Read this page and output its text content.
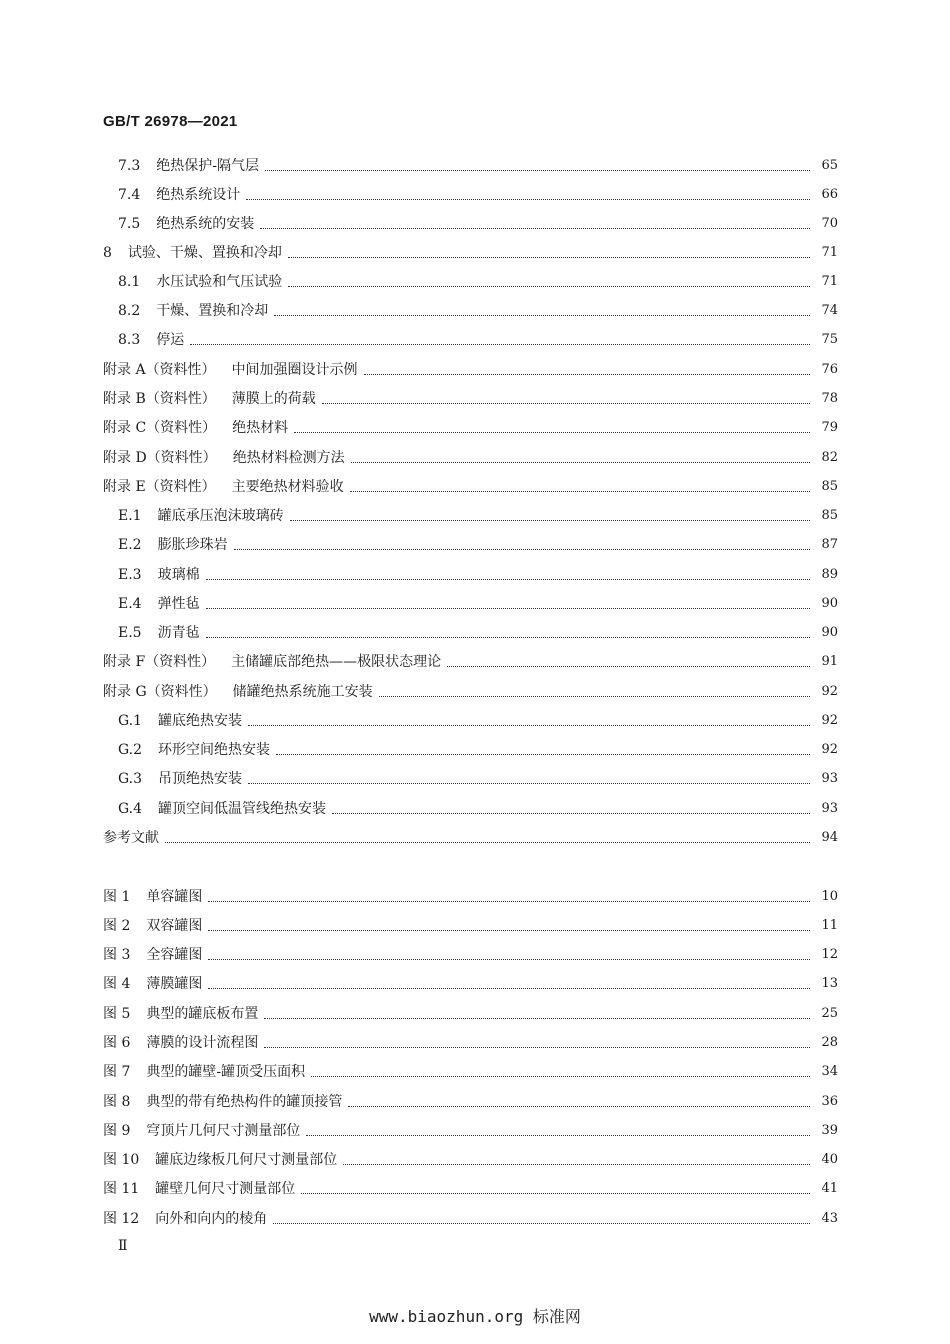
GB/T 26978—2021
7.3 绝热保护-隔气层	65
7.4 绝热系统设计	66
7.5 绝热系统的安装	70
8 试验、干燥、置换和冷却	71
8.1 水压试验和气压试验	71
8.2 干燥、置换和冷却	74
8.3 停运	75
附录 A（资料性） 中间加强圈设计示例	76
附录 B（资料性） 薄膜上的荷载	78
附录 C（资料性） 绝热材料	79
附录 D（资料性） 绝热材料检测方法	82
附录 E（资料性） 主要绝热材料验收	85
E.1 罐底承压泡沫玻璃砖	85
E.2 膨胀珍珠岩	87
E.3 玻璃棉	89
E.4 弹性毡	90
E.5 沥青毡	90
附录 F（资料性） 主储罐底部绝热——极限状态理论	91
附录 G（资料性） 储罐绝热系统施工安装	92
G.1 罐底绝热安装	92
G.2 环形空间绝热安装	92
G.3 吊顶绝热安装	93
G.4 罐顶空间低温管线绝热安装	93
参考文献	94
图 1 单容罐图	10
图 2 双容罐图	11
图 3 全容罐图	12
图 4 薄膜罐图	13
图 5 典型的罐底板布置	25
图 6 薄膜的设计流程图	28
图 7 典型的罐壁-罐顶受压面积	34
图 8 典型的带有绝热构件的罐顶接管	36
图 9 穹顶片几何尺寸测量部位	39
图 10 罐底边缘板几何尺寸测量部位	40
图 11 罐壁几何尺寸测量部位	41
图 12 向外和向内的棱角	43
Ⅱ
www.biaozhun.org 标准网
